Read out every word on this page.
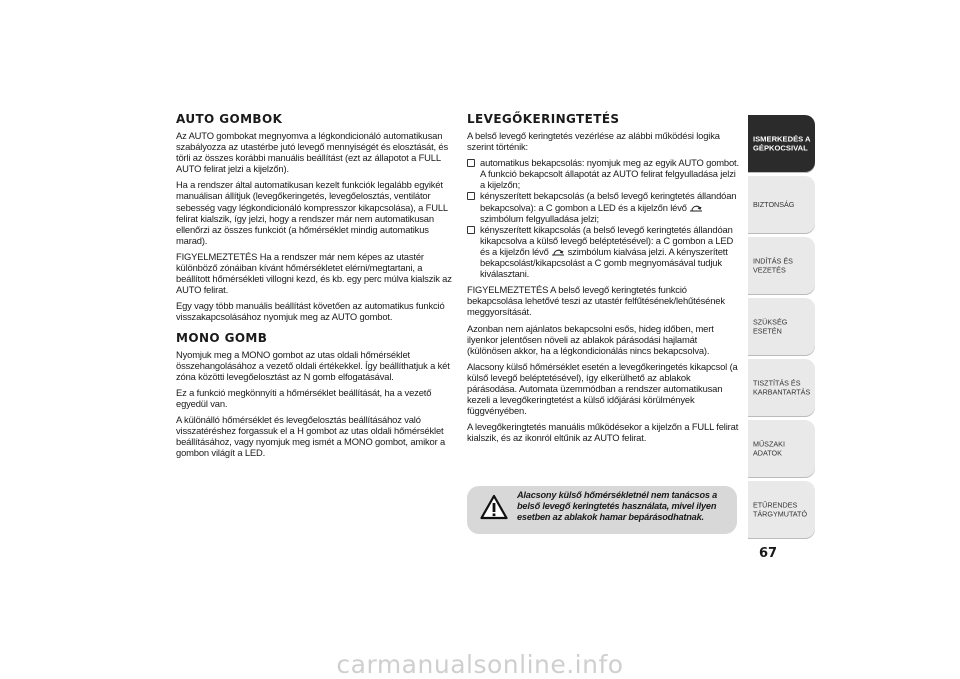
AUTO GOMBOK

Az AUTO gombokat megnyomva a légkondicionáló automatikusan szabályozza az utastérbe jutó levegő mennyiségét és elosztását, és törli az összes korábbi manuális beállítást (ezt az állapotot a FULL AUTO felirat jelzi a kijelzőn).

Ha a rendszer által automatikusan kezelt funkciók legalább egyikét manuálisan állítjuk (levegőkeringetés, levegőelosztás, ventilátor sebesség vagy légkondicionáló kompresszor kikapcsolása), a FULL felirat kialszik, így jelzi, hogy a rendszer már nem automatikusan ellenőrzi az összes funkciót (a hőmérséklet mindig automatikus marad).

FIGYELMEZTETÉS Ha a rendszer már nem képes az utastér különböző zónáiban kívánt hőmérsékletet elérni/megtartani, a beállított hőmérsékleti villogni kezd, és kb. egy perc múlva kialszik az AUTO felirat.

Egy vagy több manuális beállítást követően az automatikus funkció visszakapcsolásához nyomjuk meg az AUTO gombot.

MONO GOMB

Nyomjuk meg a MONO gombot az utas oldali hőmérséklet összehangolásához a vezető oldali értékekkel. Így beállíthatjuk a két zóna közötti levegőelosztást az N gomb elfogatásával.

Ez a funkció megkönnyíti a hőmérséklet beállítását, ha a vezető egyedül van.

A különálló hőmérséklet és levegőelosztás beállításához való visszatéréshez forgassuk el a H gombot az utas oldali hőmérséklet beállításához, vagy nyomjuk meg ismét a MONO gombot, amikor a gombon világít a LED.

LEVEGŐKERINGTETÉS

A belső levegő keringtetés vezérlése az alábbi működési logika szerint történik:

automatikus bekapcsolás: nyomjuk meg az egyik AUTO gombot. A funkció bekapcsolt állapotát az AUTO felirat felgyulladása jelzi a kijelzőn;
kényszerített bekapcsolás (a belső levegő keringtetés állandóan bekapcsolva): a C gombon a LED és a kijelzőn lévő  szimbólum felgyulladása jelzi;
kényszerített kikapcsolás (a belső levegő keringtetés állandóan kikapcsolva a külső levegő beléptetésével): a C gombon a LED és a kijelzőn lévő szimbólum kialvása jelzi. A kényszerített bekapcsolást/kikapcsolást a C gomb megnyomásával tudjuk kiválasztani.

FIGYELMEZTETÉS A belső levegő keringtetés funkció bekapcsolása lehetővé teszi az utastér felfűtésének/lehűtésének meggyorsítását.

Azonban nem ajánlatos bekapcsolni esős, hideg időben, mert ilyenkor jelentősen növeli az ablakok párásodási hajlamát (különösen akkor, ha a légkondicionálás nincs bekapcsolva).

Alacsony külső hőmérséklet esetén a levegőkeringetés kikapcsol (a külső levegő beléptetésével), így elkerülhető az ablakok párásodása. Automata üzemmódban a rendszer automatikusan kezeli a levegőkeringtetést a külső időjárási körülmények függvényében.

A levegőkeringtetés manuális működésekor a kijelzőn a FULL felirat kialszik, és az ikonról eltűnik az AUTO felirat.

Alacsony külső hőmérsékletnél nem tanácsos a belső levegő keringtetés használata, mivel ilyen esetben az ablakok hamar bepárásodhatnak.
ISMERKEDÉS A GÉPKOCSIVAL
BIZTONSÁG
INDÍTÁS ÉS VEZETÉS
SZÜKSÉG ESETÉN
TISZTÍTÁS ÉS KARBANTARTÁS
MŰSZAKI ADATOK
ETŰRENDES TÁRGYMUTATÓ
67
carmanualsonline.info
